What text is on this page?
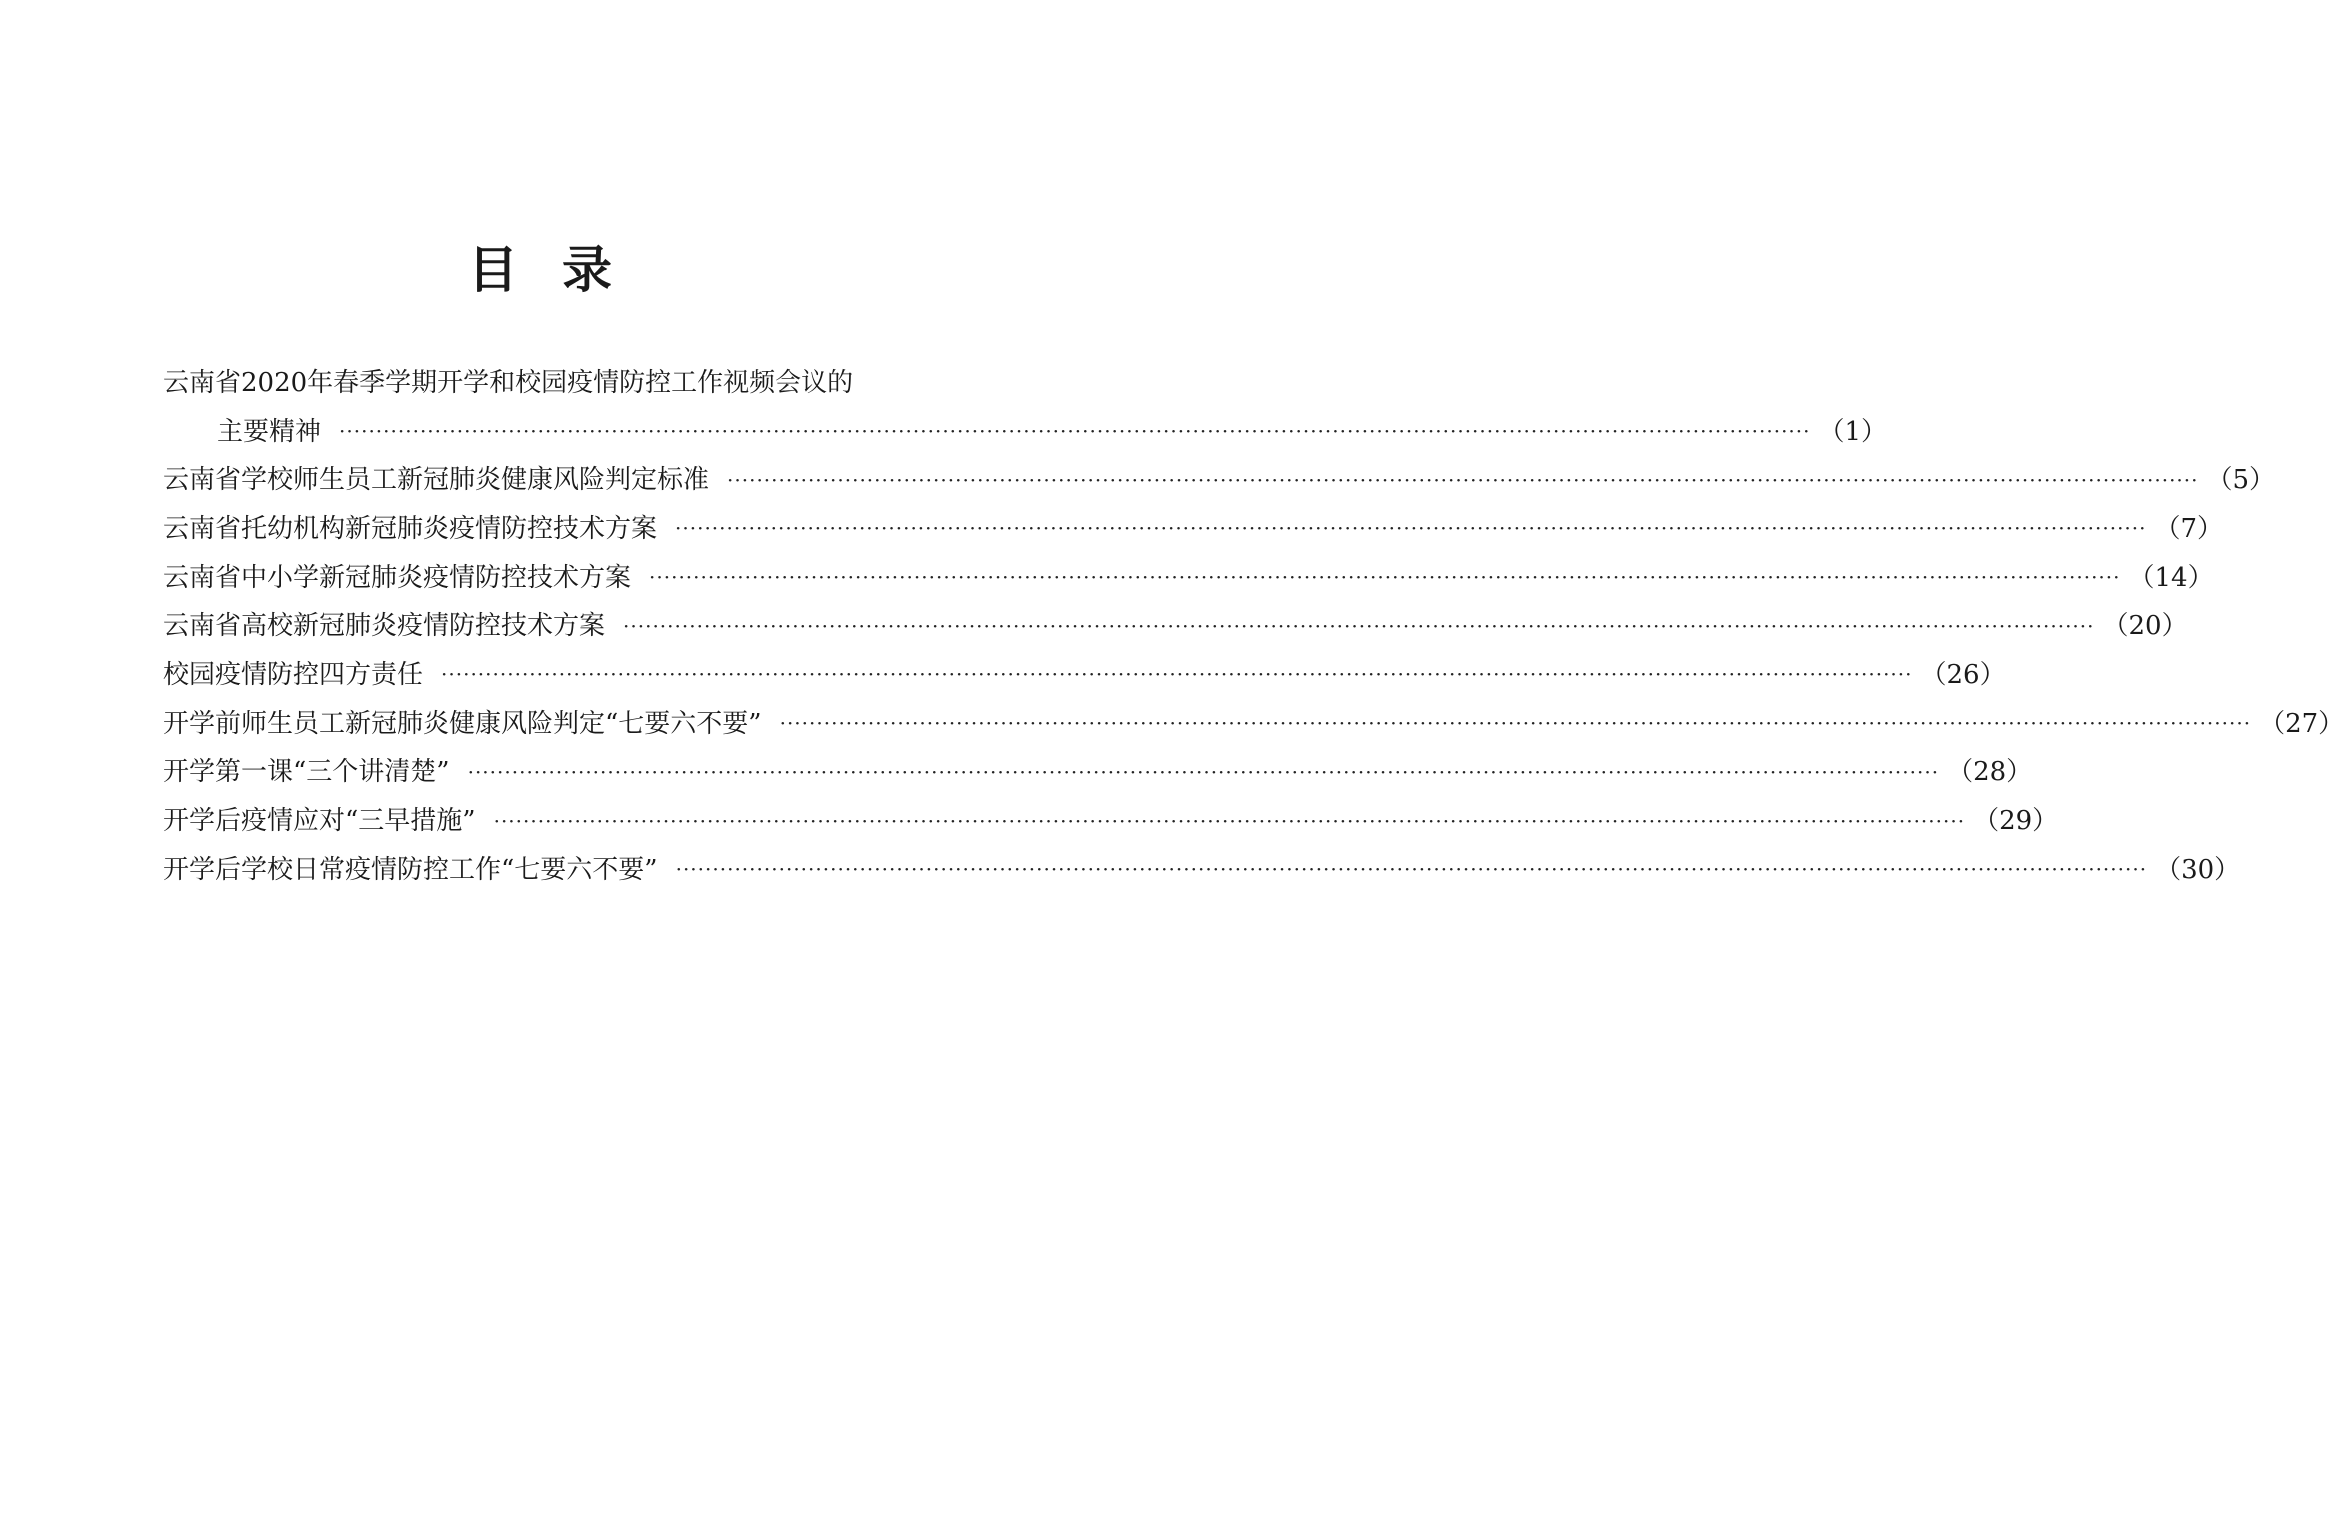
目 录
云南省2020年春季学期开学和校园疫情防控工作视频会议的
主要精神 ········································································································································································································ （1）
云南省学校师生员工新冠肺炎健康风险判定标准 ········································································································································································································ （5）
云南省托幼机构新冠肺炎疫情防控技术方案 ········································································································································································································ （7）
云南省中小学新冠肺炎疫情防控技术方案 ········································································································································································································ （14）
云南省高校新冠肺炎疫情防控技术方案 ········································································································································································································ （20）
校园疫情防控四方责任 ········································································································································································································ （26）
开学前师生员工新冠肺炎健康风险判定“七要六不要” ········································································································································································································ （27）
开学第一课“三个讲清楚” ········································································································································································································ （28）
开学后疫情应对“三早措施” ········································································································································································································ （29）
开学后学校日常疫情防控工作“七要六不要” ········································································································································································································ （30）
